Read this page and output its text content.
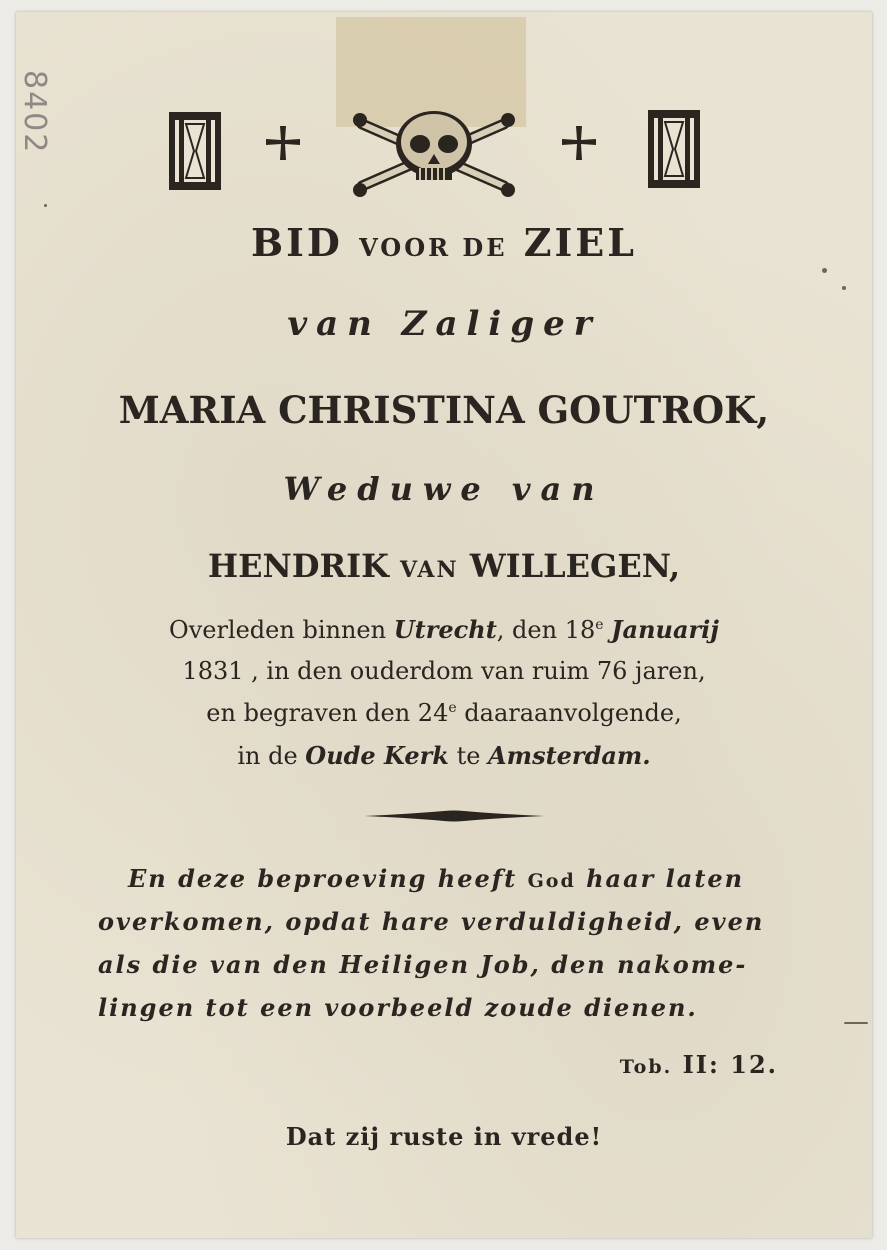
8402
BID VOOR DE ZIEL
van Zaliger
MARIA CHRISTINA GOUTROK,
Weduwe van
HENDRIK VAN WILLEGEN,
Overleden binnen Utrecht, den 18e Januarij
1831 , in den ouderdom van ruim 76 jaren,
en begraven den 24e daaraanvolgende,
in de Oude Kerk te Amsterdam.
En deze beproeving heeft God haar laten
overkomen, opdat hare verduldigheid, even
als die van den Heiligen Job, den nakome-
lingen tot een voorbeeld zoude dienen.
Tob. II: 12.
Dat zij ruste in vrede!
